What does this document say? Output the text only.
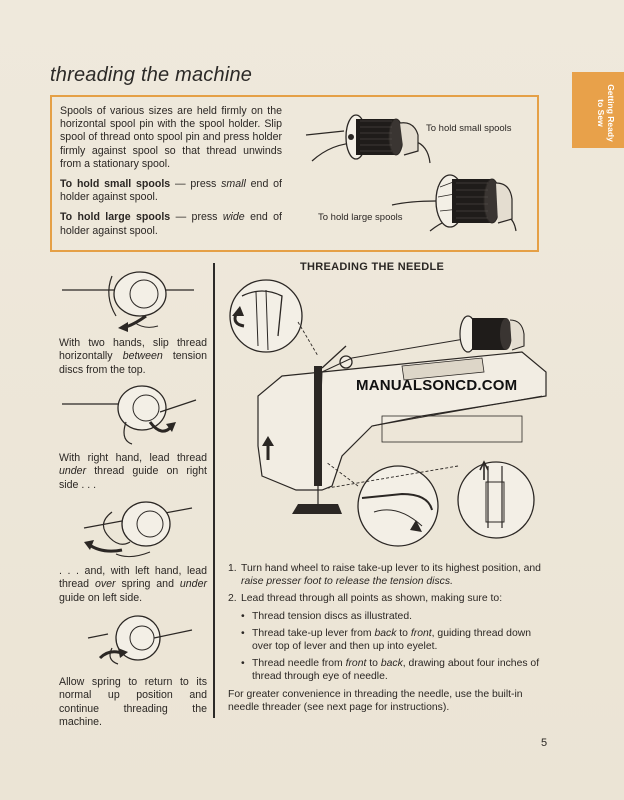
threading the machine
Getting Ready
to Sew

Spools of various sizes are held firmly on the horizontal spool pin with the spool holder. Slip spool of thread onto spool pin and press holder firmly against spool so that thread unwinds from a stationary spool.

To hold small spools — press small end of holder against spool.

To hold large spools — press wide end of holder against spool.

To hold small spools
To hold large spools
With two hands, slip thread horizontally between tension discs from the top.
With right hand, lead thread under thread guide on right side . . .
. . . and, with left hand, lead thread over spring and under guide on left side.
Allow spring to return to its normal up position and continue threading the machine.
THREADING THE NEEDLE
MANUALSONCD.COM
1. Turn hand wheel to raise take-up lever to its highest position, and raise presser foot to release the tension discs.
2. Lead thread through all points as shown, making sure to:
• Thread tension discs as illustrated.
• Thread take-up lever from back to front, guiding thread down over top of lever and then up into eyelet.
• Thread needle from front to back, drawing about four inches of thread through eye of needle.
For greater convenience in threading the needle, use the built-in needle threader (see next page for instructions).
5
